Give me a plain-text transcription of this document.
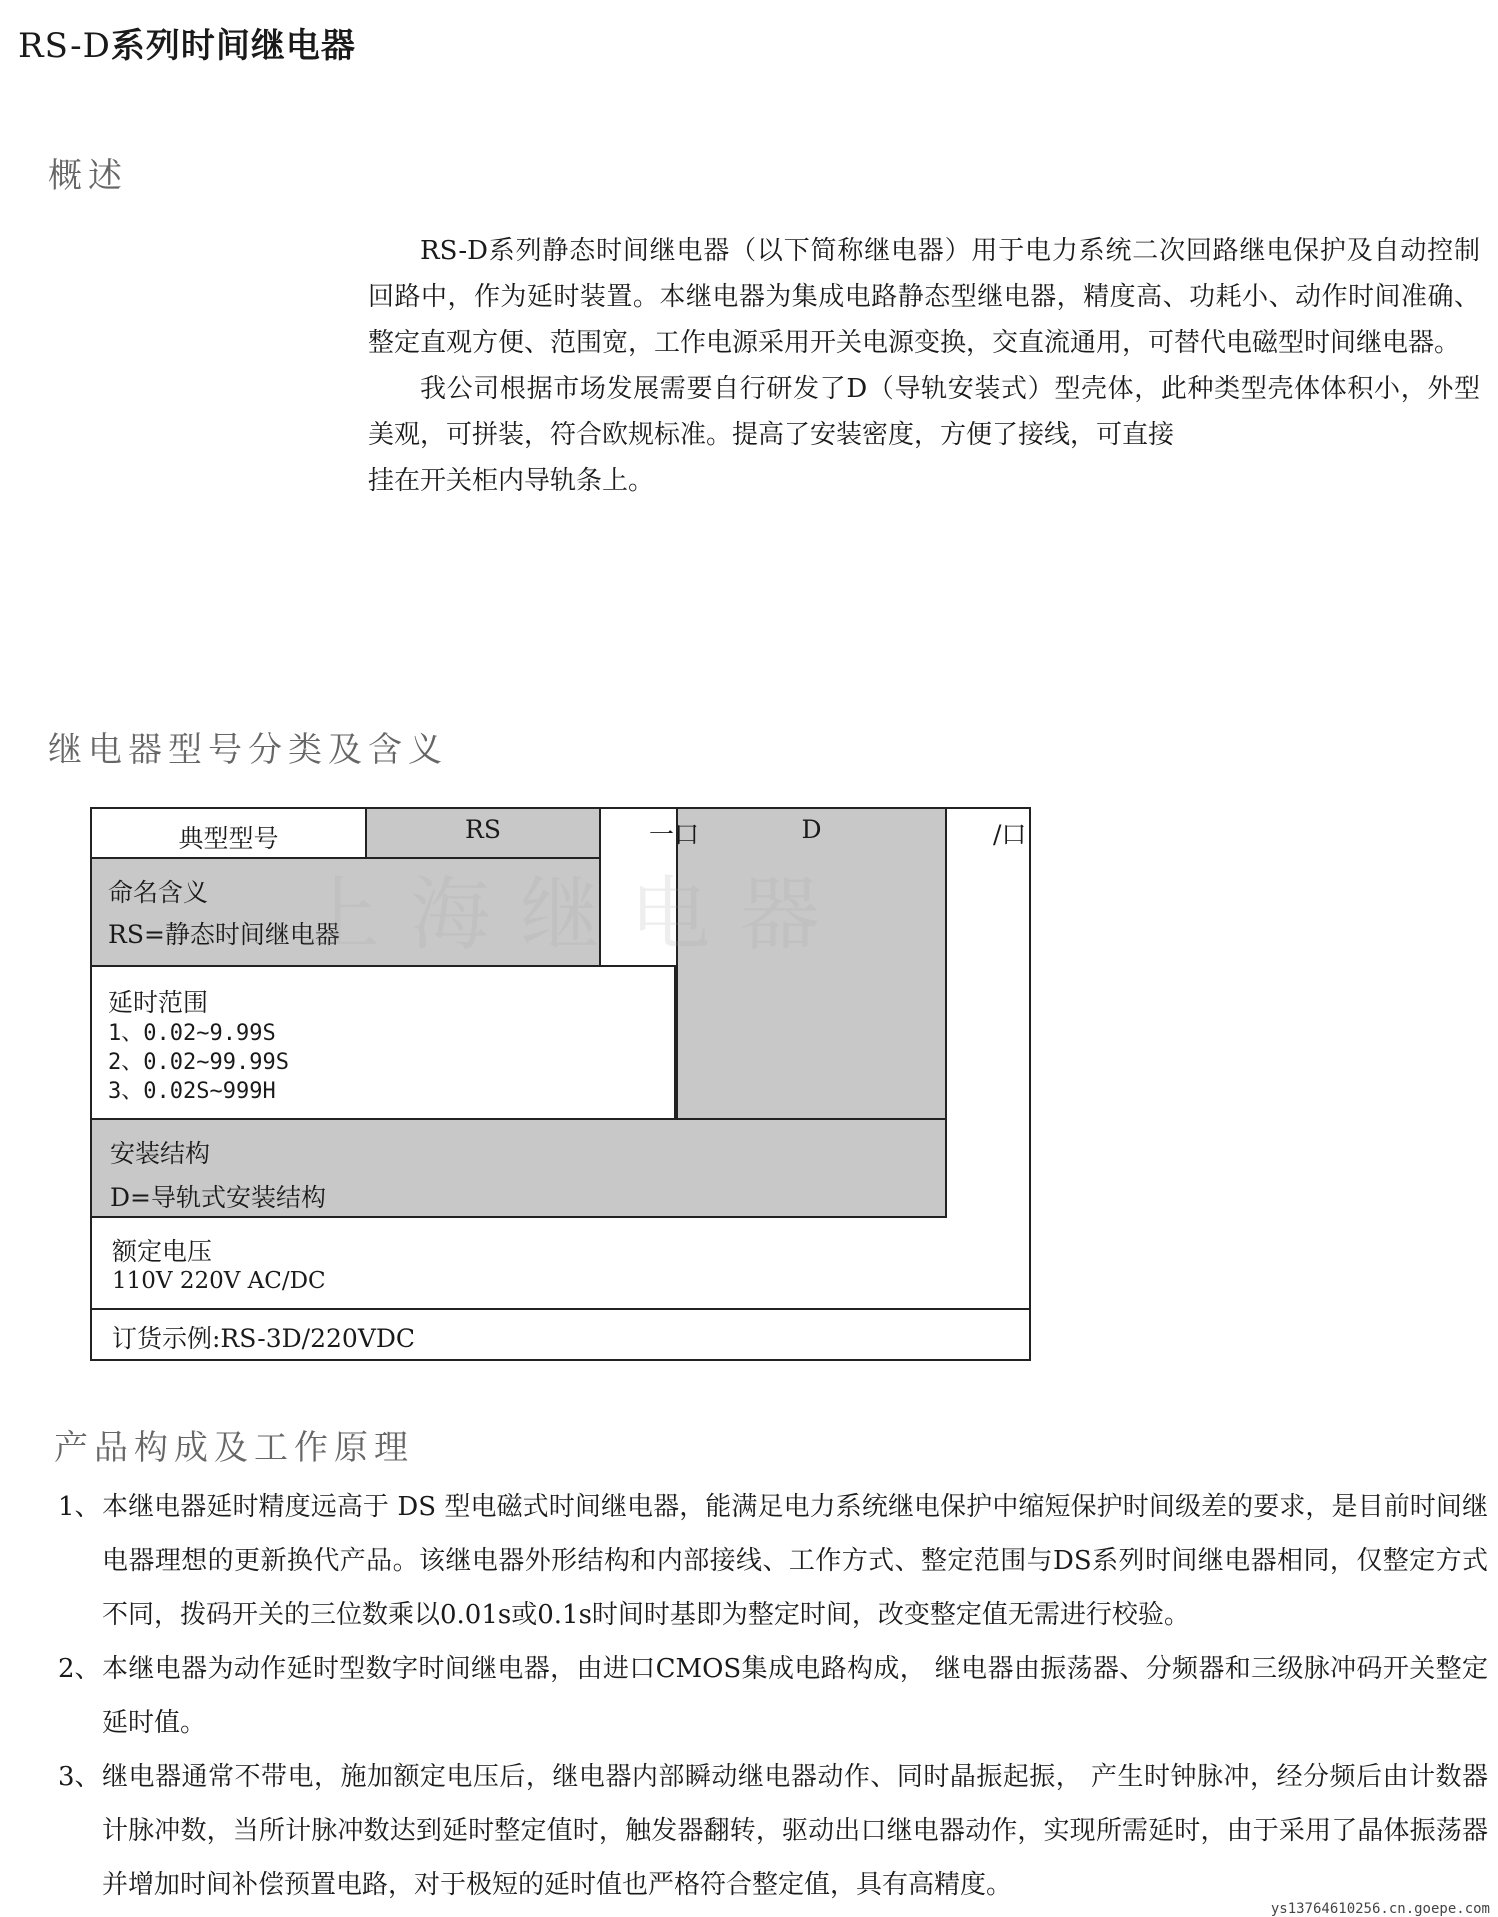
RS-D系列时间继电器
概述

RS-D系列静态时间继电器（以下简称继电器）用于电力系统二次回路继电保护及自动控制 回路中，作为延时装置。本继电器为集成电路静态型继电器，精度高、功耗小、动作时间准确、整定直观方便、范围宽，工作电源采用开关电源变换，交直流通用，可替代电磁型时间继电器。

我公司根据市场发展需要自行研发了D（导轨安装式）型壳体，此种类型壳体体积小，外型美观，可拼装，符合欧规标准。提高了安装密度，方便了接线，可直接

挂在开关柜内导轨条上。

继电器型号分类及含义
RS	D
一口	/口
延时范围
1、0.02~9.99S
2、0.02~99.99S
3、0.02S~999H
典型型号
命名含义
RS=静态时间继电器
安装结构
D=导轨式安装结构
额定电压
110V 220V AC/DC
订货示例:RS-3D/220VDC
上海继电器
产品构成及工作原理
1、 本继电器延时精度远高于 DS 型电磁式时间继电器，能满足电力系统继电保护中缩短保护时间级差的要求，是目前时间继电器理想的更新换代产品。该继电器外形结构和内部接线、工作方式、整定范围与DS系列时间继电器相同，仅整定方式不同，拨码开关的三位数乘以0.01s或0.1s时间时基即为整定时间，改变整定值无需进行校验。
2、 本继电器为动作延时型数字时间继电器，由进口CMOS集成电路构成， 继电器由振荡器、分频器和三级脉冲码开关整定延时值。
3、 继电器通常不带电，施加额定电压后，继电器内部瞬动继电器动作、同时晶振起振， 产生时钟脉冲，经分频后由计数器计脉冲数，当所计脉冲数达到延时整定值时，触发器翻转，驱动出口继电器动作，实现所需延时，由于采用了晶体振荡器并增加时间补偿预置电路，对于极短的延时值也严格符合整定值，具有高精度。
ys13764610256.cn.goepe.com
